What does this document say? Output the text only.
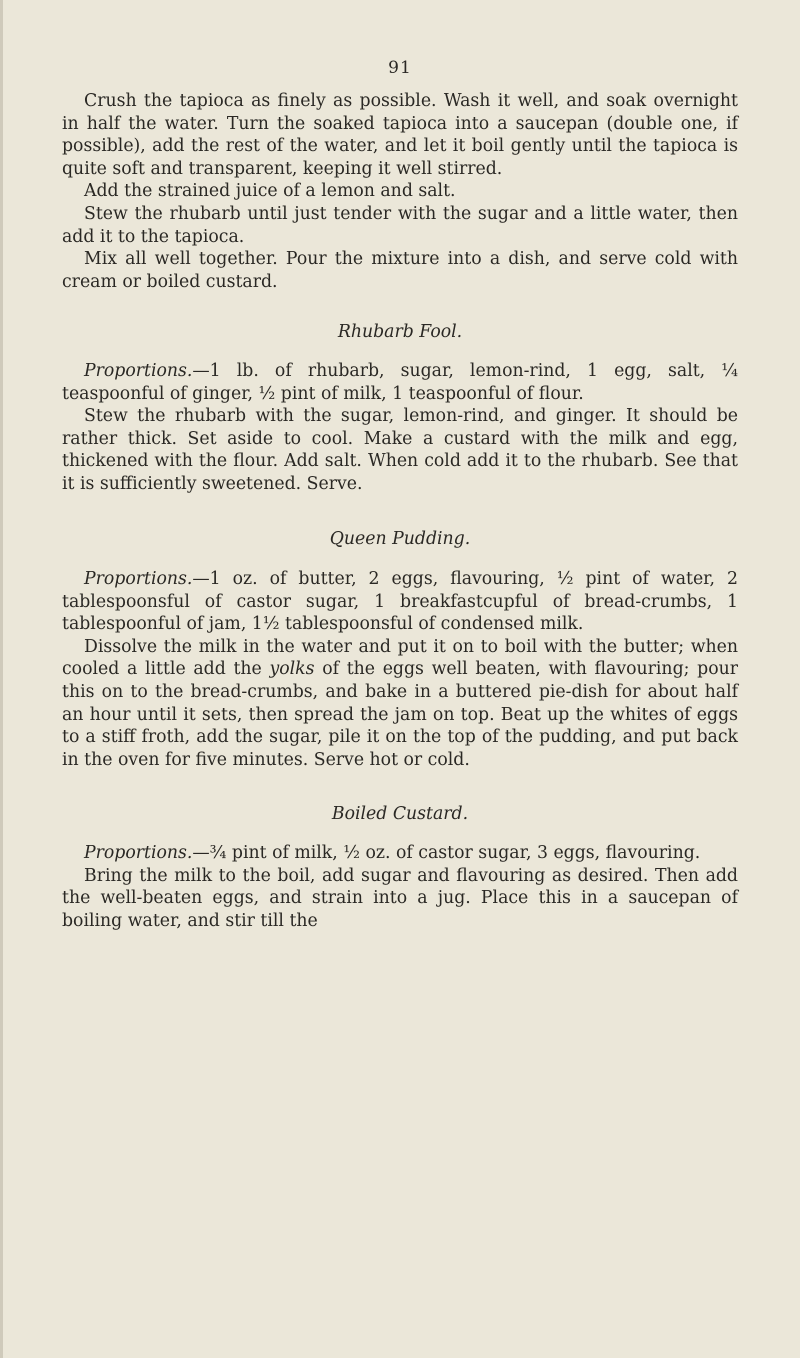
91

Crush the tapioca as finely as possible. Wash it well, and soak overnight in half the water. Turn the soaked tapioca into a saucepan (double one, if possible), add the rest of the water, and let it boil gently until the tapioca is quite soft and transparent, keeping it well stirred.

Add the strained juice of a lemon and salt.

Stew the rhubarb until just tender with the sugar and a little water, then add it to the tapioca.

Mix all well together. Pour the mixture into a dish, and serve cold with cream or boiled custard.

Rhubarb Fool.

Proportions.—1 lb. of rhubarb, sugar, lemon-rind, 1 egg, salt, ¼ teaspoonful of ginger, ½ pint of milk, 1 teaspoonful of flour.

Stew the rhubarb with the sugar, lemon-rind, and ginger. It should be rather thick. Set aside to cool. Make a custard with the milk and egg, thickened with the flour. Add salt. When cold add it to the rhubarb. See that it is sufficiently sweetened. Serve.

Queen Pudding.

Proportions.—1 oz. of butter, 2 eggs, flavouring, ½ pint of water, 2 tablespoonsful of castor sugar, 1 breakfastcupful of bread-crumbs, 1 tablespoonful of jam, 1½ tablespoonsful of condensed milk.

Dissolve the milk in the water and put it on to boil with the butter; when cooled a little add the yolks of the eggs well beaten, with flavouring; pour this on to the bread-crumbs, and bake in a buttered pie-dish for about half an hour until it sets, then spread the jam on top. Beat up the whites of eggs to a stiff froth, add the sugar, pile it on the top of the pudding, and put back in the oven for five minutes. Serve hot or cold.

Boiled Custard.

Proportions.—¾ pint of milk, ½ oz. of castor sugar, 3 eggs, flavouring.

Bring the milk to the boil, add sugar and flavouring as desired. Then add the well-beaten eggs, and strain into a jug. Place this in a saucepan of boiling water, and stir till the
